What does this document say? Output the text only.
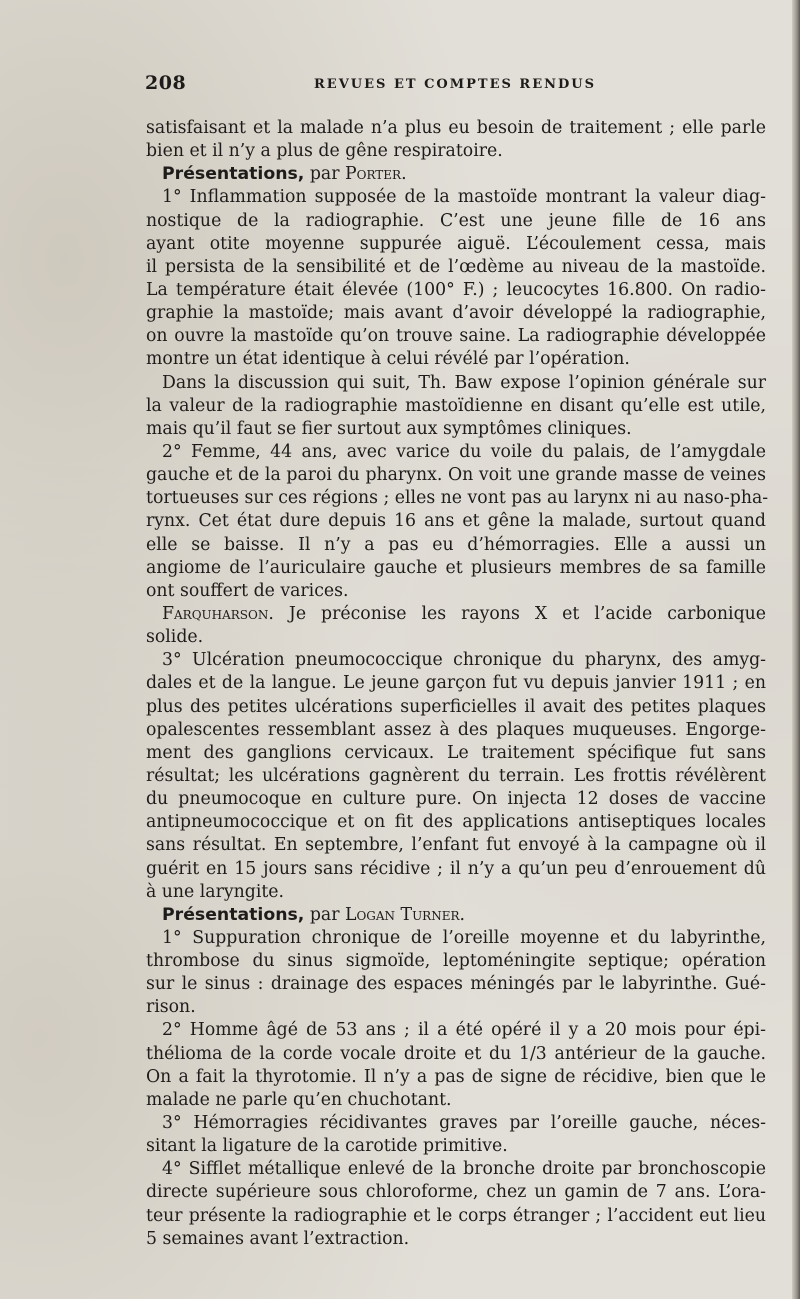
208	REVUES ET COMPTES RENDUS
satisfaisant et la malade n’a plus eu besoin de traitement ; elle parle
bien et il n’y a plus de gêne respiratoire.
Présentations, par Porter.
1° Inflammation supposée de la mastoïde montrant la valeur diag-
nostique de la radiographie. C’est une jeune fille de 16 ans
ayant otite moyenne suppurée aiguë. L’écoulement cessa, mais
il persista de la sensibilité et de l’œdème au niveau de la mastoïde.
La température était élevée (100° F.) ; leucocytes 16.800. On radio-
graphie la mastoïde; mais avant d’avoir développé la radiographie,
on ouvre la mastoïde qu’on trouve saine. La radiographie développée
montre un état identique à celui révélé par l’opération.
Dans la discussion qui suit, Th. Baw expose l’opinion générale sur
la valeur de la radiographie mastoïdienne en disant qu’elle est utile,
mais qu’il faut se fier surtout aux symptômes cliniques.
2° Femme, 44 ans, avec varice du voile du palais, de l’amygdale
gauche et de la paroi du pharynx. On voit une grande masse de veines
tortueuses sur ces régions ; elles ne vont pas au larynx ni au naso-pha-
rynx. Cet état dure depuis 16 ans et gêne la malade, surtout quand
elle se baisse. Il n’y a pas eu d’hémorragies. Elle a aussi un
angiome de l’auriculaire gauche et plusieurs membres de sa famille
ont souffert de varices.
Farquharson. Je préconise les rayons X et l’acide carbonique
solide.
3° Ulcération pneumococcique chronique du pharynx, des amyg-
dales et de la langue. Le jeune garçon fut vu depuis janvier 1911 ; en
plus des petites ulcérations superficielles il avait des petites plaques
opalescentes ressemblant assez à des plaques muqueuses. Engorge-
ment des ganglions cervicaux. Le traitement spécifique fut sans
résultat; les ulcérations gagnèrent du terrain. Les frottis révélèrent
du pneumocoque en culture pure. On injecta 12 doses de vaccine
antipneumococcique et on fit des applications antiseptiques locales
sans résultat. En septembre, l’enfant fut envoyé à la campagne où il
guérit en 15 jours sans récidive ; il n’y a qu’un peu d’enrouement dû
à une laryngite.
Présentations, par Logan Turner.
1° Suppuration chronique de l’oreille moyenne et du labyrinthe,
thrombose du sinus sigmoïde, leptoméningite septique; opération
sur le sinus : drainage des espaces méningés par le labyrinthe. Gué-
rison.
2° Homme âgé de 53 ans ; il a été opéré il y a 20 mois pour épi-
thélioma de la corde vocale droite et du 1/3 antérieur de la gauche.
On a fait la thyrotomie. Il n’y a pas de signe de récidive, bien que le
malade ne parle qu’en chuchotant.
3° Hémorragies récidivantes graves par l’oreille gauche, néces-
sitant la ligature de la carotide primitive.
4° Sifflet métallique enlevé de la bronche droite par bronchoscopie
directe supérieure sous chloroforme, chez un gamin de 7 ans. L’ora-
teur présente la radiographie et le corps étranger ; l’accident eut lieu
5 semaines avant l’extraction.
